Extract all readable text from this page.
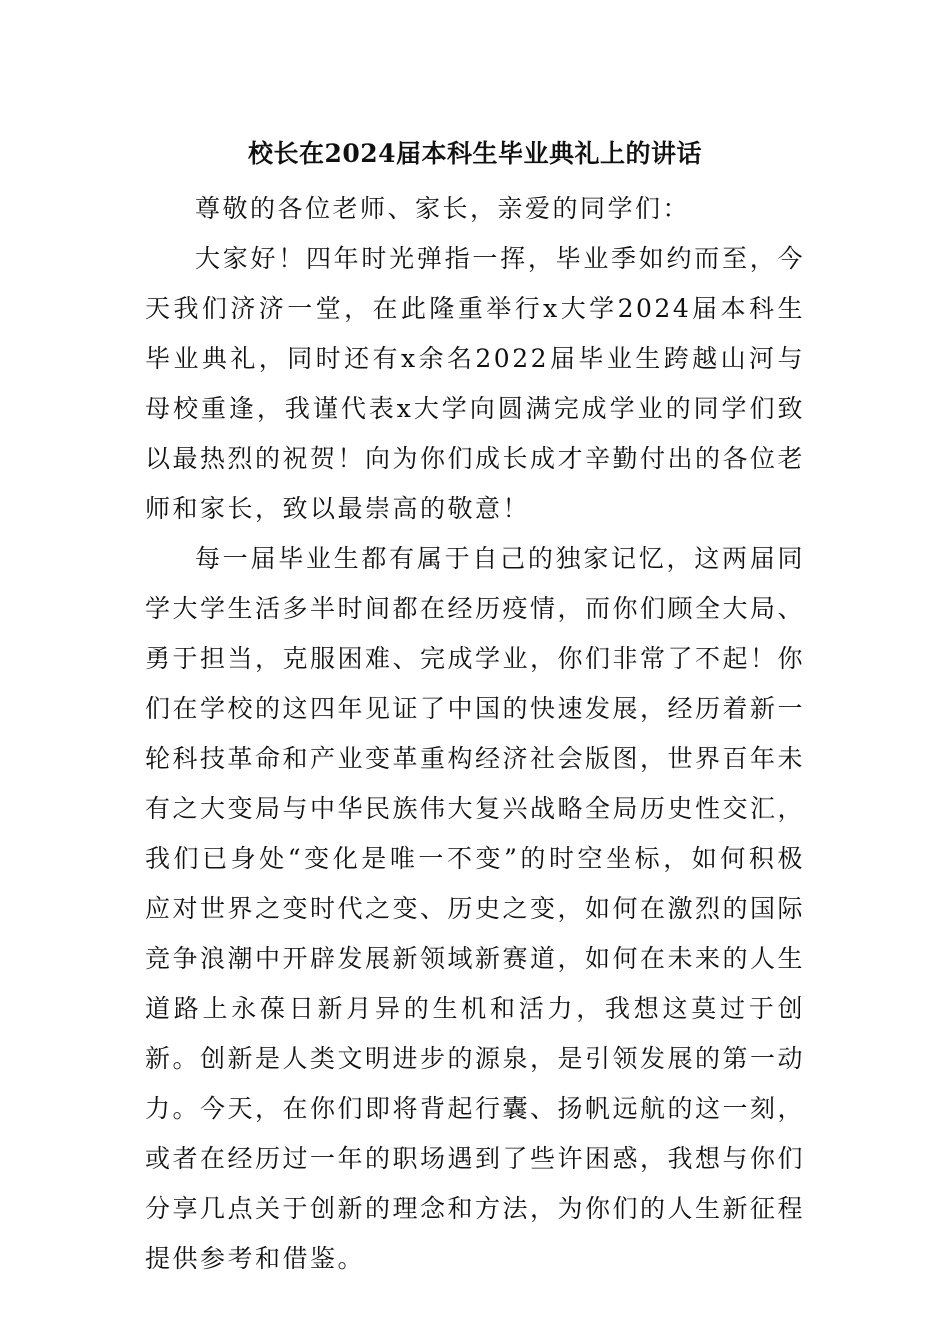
校长在2024届本科生毕业典礼上的讲话

尊敬的各位老师、家长，亲爱的同学们：

大家好！四年时光弹指一挥，毕业季如约而至，今天我们济济一堂，在此隆重举行x大学2024届本科生毕业典礼，同时还有x余名2022届毕业生跨越山河与母校重逢，我谨代表x大学向圆满完成学业的同学们致以最热烈的祝贺！向为你们成长成才辛勤付出的各位老师和家长，致以最崇高的敬意！

每一届毕业生都有属于自己的独家记忆，这两届同学大学生活多半时间都在经历疫情，而你们顾全大局、勇于担当，克服困难、完成学业，你们非常了不起！你们在学校的这四年见证了中国的快速发展，经历着新一轮科技革命和产业变革重构经济社会版图，世界百年未有之大变局与中华民族伟大复兴战略全局历史性交汇，我们已身处“变化是唯一不变”的时空坐标，如何积极应对世界之变时代之变、历史之变，如何在激烈的国际竞争浪潮中开辟发展新领域新赛道，如何在未来的人生道路上永葆日新月异的生机和活力，我想这莫过于创新。创新是人类文明进步的源泉，是引领发展的第一动力。今天，在你们即将背起行囊、扬帆远航的这一刻，或者在经历过一年的职场遇到了些许困惑，我想与你们分享几点关于创新的理念和方法，为你们的人生新征程提供参考和借鉴。
